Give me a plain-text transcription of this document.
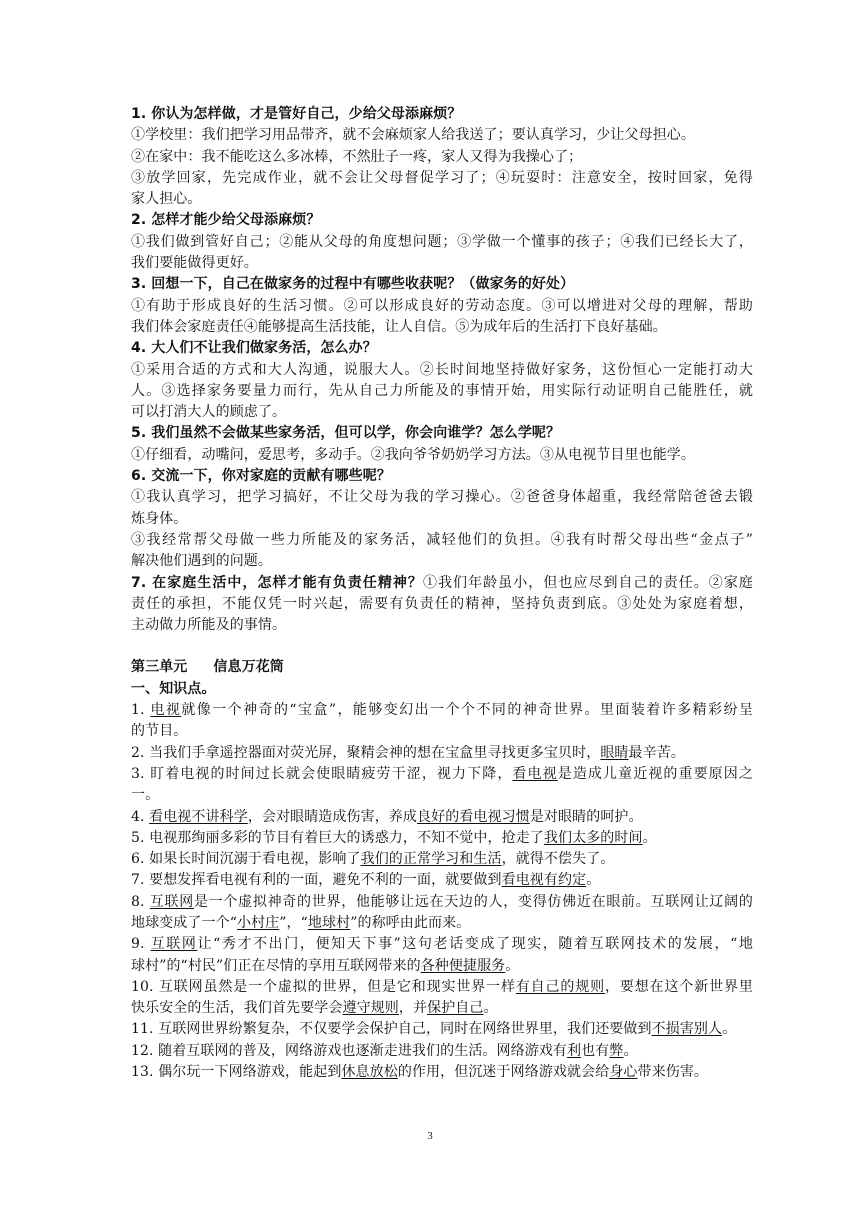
1. 你认为怎样做，才是管好自己，少给父母添麻烦？
①学校里：我们把学习用品带齐，就不会麻烦家人给我送了；要认真学习，少让父母担心。
②在家中：我不能吃这么多冰棒，不然肚子一疼，家人又得为我操心了；
③放学回家，先完成作业，就不会让父母督促学习了；④玩耍时：注意安全，按时回家，免得
家人担心。
2. 怎样才能少给父母添麻烦？
①我们做到管好自己；②能从父母的角度想问题；③学做一个懂事的孩子；④我们已经长大了，
我们要能做得更好。
3. 回想一下，自己在做家务的过程中有哪些收获呢？（做家务的好处）
①有助于形成良好的生活习惯。②可以形成良好的劳动态度。③可以增进对父母的理解，帮助
我们体会家庭责任④能够提高生活技能，让人自信。⑤为成年后的生活打下良好基础。
4. 大人们不让我们做家务活，怎么办？
①采用合适的方式和大人沟通，说服大人。②长时间地坚持做好家务，这份恒心一定能打动大
人。③选择家务要量力而行，先从自己力所能及的事情开始，用实际行动证明自己能胜任，就
可以打消大人的顾虑了。
5. 我们虽然不会做某些家务活，但可以学，你会向谁学？怎么学呢？
①仔细看，动嘴问，爱思考，多动手。②我向爷爷奶奶学习方法。③从电视节目里也能学。
6. 交流一下，你对家庭的贡献有哪些呢？
①我认真学习，把学习搞好，不让父母为我的学习操心。②爸爸身体超重，我经常陪爸爸去锻
炼身体。
③我经常帮父母做一些力所能及的家务活，减轻他们的负担。④我有时帮父母出些“金点子”
解决他们遇到的问题。
7. 在家庭生活中，怎样才能有负责任精神？①我们年龄虽小，但也应尽到自己的责任。②家庭
责任的承担，不能仅凭一时兴起，需要有负责任的精神，坚持负责到底。③处处为家庭着想，
主动做力所能及的事情。
第三单元 信息万花筒
一、知识点。
1. 电视就像一个神奇的“宝盒”，能够变幻出一个个不同的神奇世界。里面装着许多精彩纷呈
的节目。
2. 当我们手拿遥控器面对荧光屏，聚精会神的想在宝盒里寻找更多宝贝时，眼睛最辛苦。
3. 盯着电视的时间过长就会使眼睛疲劳干涩，视力下降，看电视是造成儿童近视的重要原因之
一。
4. 看电视不讲科学，会对眼睛造成伤害，养成良好的看电视习惯是对眼睛的呵护。
5. 电视那绚丽多彩的节目有着巨大的诱惑力，不知不觉中，抢走了我们太多的时间。
6. 如果长时间沉溺于看电视，影响了我们的正常学习和生活，就得不偿失了。
7. 要想发挥看电视有利的一面，避免不利的一面，就要做到看电视有约定。
8. 互联网是一个虚拟神奇的世界，他能够让远在天边的人，变得仿佛近在眼前。互联网让辽阔的
地球变成了一个“小村庄”，“地球村”的称呼由此而来。
9. 互联网让“秀才不出门，便知天下事”这句老话变成了现实，随着互联网技术的发展，“地
球村”的“村民”们正在尽情的享用互联网带来的各种便捷服务。
10. 互联网虽然是一个虚拟的世界，但是它和现实世界一样有自己的规则，要想在这个新世界里
快乐安全的生活，我们首先要学会遵守规则，并保护自己。
11. 互联网世界纷繁复杂，不仅要学会保护自己，同时在网络世界里，我们还要做到不损害别人。
12. 随着互联网的普及，网络游戏也逐渐走进我们的生活。网络游戏有利也有弊。
13. 偶尔玩一下网络游戏，能起到休息放松的作用，但沉迷于网络游戏就会给身心带来伤害。
3
